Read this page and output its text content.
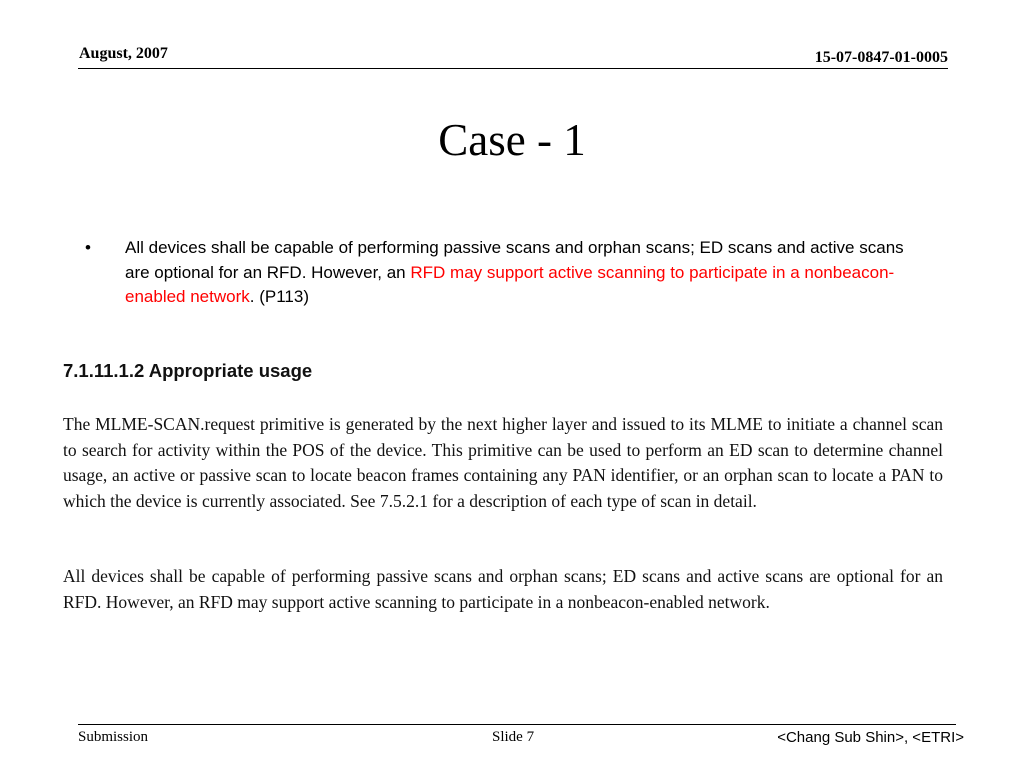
August, 2007	15-07-0847-01-0005
Case - 1
•	All devices shall be capable of performing passive scans and orphan scans; ED scans and active scans are optional for an RFD. However, an RFD may support active scanning to participate in a nonbeacon-enabled network. (P113)
7.1.11.1.2 Appropriate usage
The MLME-SCAN.request primitive is generated by the next higher layer and issued to its MLME to initiate a channel scan to search for activity within the POS of the device. This primitive can be used to perform an ED scan to determine channel usage, an active or passive scan to locate beacon frames containing any PAN identifier, or an orphan scan to locate a PAN to which the device is currently associated. See 7.5.2.1 for a description of each type of scan in detail.
All devices shall be capable of performing passive scans and orphan scans; ED scans and active scans are optional for an RFD. However, an RFD may support active scanning to participate in a nonbeacon-enabled network.
Submission	Slide 7	<Chang Sub Shin>, <ETRI>
